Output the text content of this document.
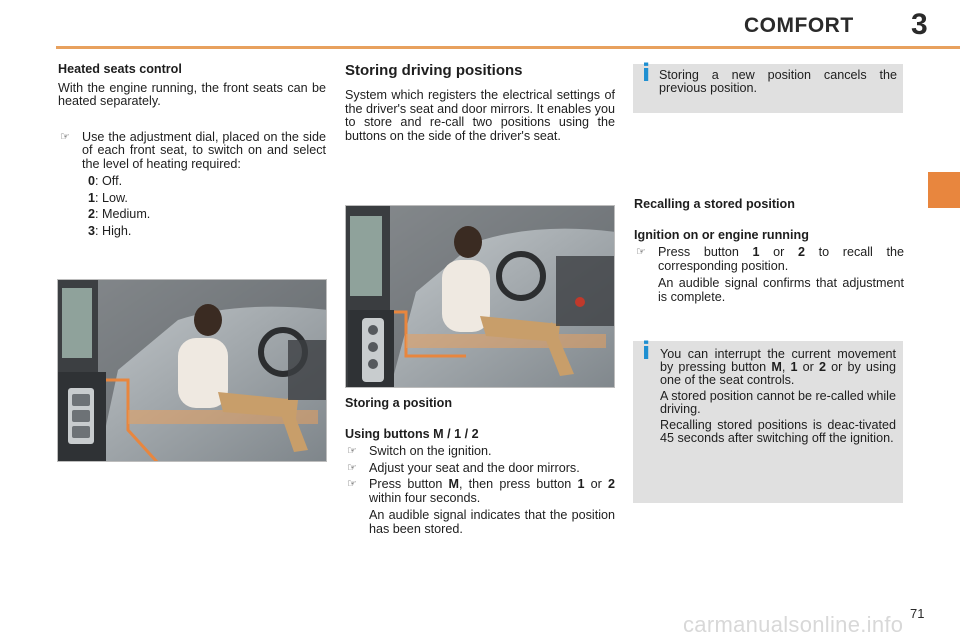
COMFORT 3

Heated seats control

With the engine running, the front seats can be heated separately.

☞ Use the adjustment dial, placed on the side of each front seat, to switch on and select the level of heating required:
0: Off.
1: Low.
2: Medium.
3: High.

Storing driving positions

System which registers the electrical settings of the driver's seat and door mirrors. It enables you to store and re-call two positions using the buttons on the side of the driver's seat.

Storing a position

Using buttons M / 1 / 2

☞ Switch on the ignition.
☞ Adjust your seat and the door mirrors.
☞ Press button M, then press button 1 or 2 within four seconds.

An audible signal indicates that the position has been stored.

i Storing a new position cancels the previous position.

Recalling a stored position

Ignition on or engine running

☞ Press button 1 or 2 to recall the corresponding position.

An audible signal confirms that adjustment is complete.

i You can interrupt the current movement by pressing button M, 1 or 2 or by using one of the seat controls.

A stored position cannot be re-called while driving.

Recalling stored positions is deac-tivated 45 seconds after switching off the ignition.

71
carmanualsonline.info
